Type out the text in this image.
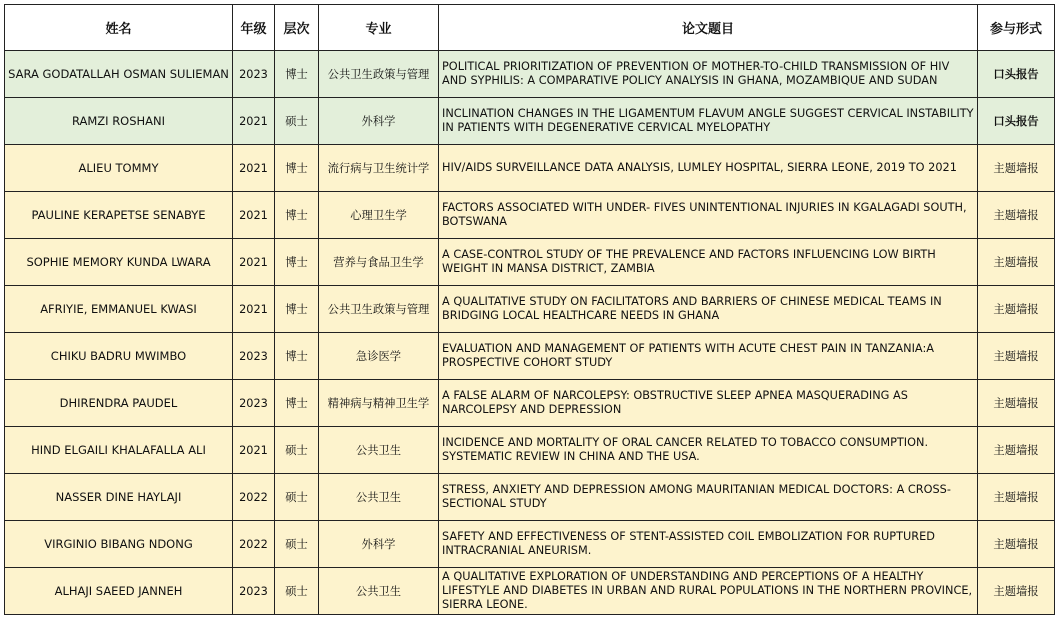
姓名	年级	层次	专业	论文题目	参与形式
SARA GODATALLAH OSMAN SULIEMAN	2023	博士	公共卫生政策与管理	POLITICAL PRIORITIZATION OF PREVENTION OF MOTHER-TO-CHILD TRANSMISSION OF HIV AND SYPHILIS: A COMPARATIVE POLICY ANALYSIS IN GHANA, MOZAMBIQUE AND SUDAN	口头报告
RAMZI ROSHANI	2021	硕士	外科学	INCLINATION CHANGES IN THE LIGAMENTUM FLAVUM ANGLE SUGGEST CERVICAL INSTABILITY IN PATIENTS WITH DEGENERATIVE CERVICAL MYELOPATHY	口头报告
ALIEU TOMMY	2021	博士	流行病与卫生统计学	HIV/AIDS SURVEILLANCE DATA ANALYSIS, LUMLEY HOSPITAL, SIERRA LEONE, 2019 TO 2021	主题墙报
PAULINE KERAPETSE SENABYE	2021	博士	心理卫生学	FACTORS ASSOCIATED WITH UNDER- FIVES UNINTENTIONAL INJURIES IN KGALAGADI SOUTH, BOTSWANA	主题墙报
SOPHIE MEMORY KUNDA LWARA	2021	博士	营养与食品卫生学	A CASE-CONTROL STUDY OF THE PREVALENCE AND FACTORS INFLUENCING LOW BIRTH WEIGHT IN MANSA DISTRICT, ZAMBIA	主题墙报
AFRIYIE, EMMANUEL KWASI	2021	博士	公共卫生政策与管理	A QUALITATIVE STUDY ON FACILITATORS AND BARRIERS OF CHINESE MEDICAL TEAMS IN BRIDGING LOCAL HEALTHCARE NEEDS IN GHANA	主题墙报
CHIKU BADRU MWIMBO	2023	博士	急诊医学	EVALUATION AND MANAGEMENT OF PATIENTS WITH ACUTE CHEST PAIN IN TANZANIA:A PROSPECTIVE COHORT STUDY	主题墙报
DHIRENDRA PAUDEL	2023	博士	精神病与精神卫生学	A FALSE ALARM OF NARCOLEPSY: OBSTRUCTIVE SLEEP APNEA MASQUERADING AS NARCOLEPSY AND DEPRESSION	主题墙报
HIND ELGAILI KHALAFALLA ALI	2021	硕士	公共卫生	INCIDENCE AND MORTALITY OF ORAL CANCER RELATED TO TOBACCO CONSUMPTION. SYSTEMATIC REVIEW IN CHINA AND THE USA.	主题墙报
NASSER DINE HAYLAJI	2022	硕士	公共卫生	STRESS, ANXIETY AND DEPRESSION AMONG MAURITANIAN MEDICAL DOCTORS: A CROSS-SECTIONAL STUDY	主题墙报
VIRGINIO BIBANG NDONG	2022	硕士	外科学	SAFETY AND EFFECTIVENESS OF STENT-ASSISTED COIL EMBOLIZATION FOR RUPTURED INTRACRANIAL ANEURISM.	主题墙报
ALHAJI SAEED JANNEH	2023	硕士	公共卫生	A QUALITATIVE EXPLORATION OF UNDERSTANDING AND PERCEPTIONS OF A HEALTHY LIFESTYLE AND DIABETES IN URBAN AND RURAL POPULATIONS IN THE NORTHERN PROVINCE, SIERRA LEONE.	主题墙报
